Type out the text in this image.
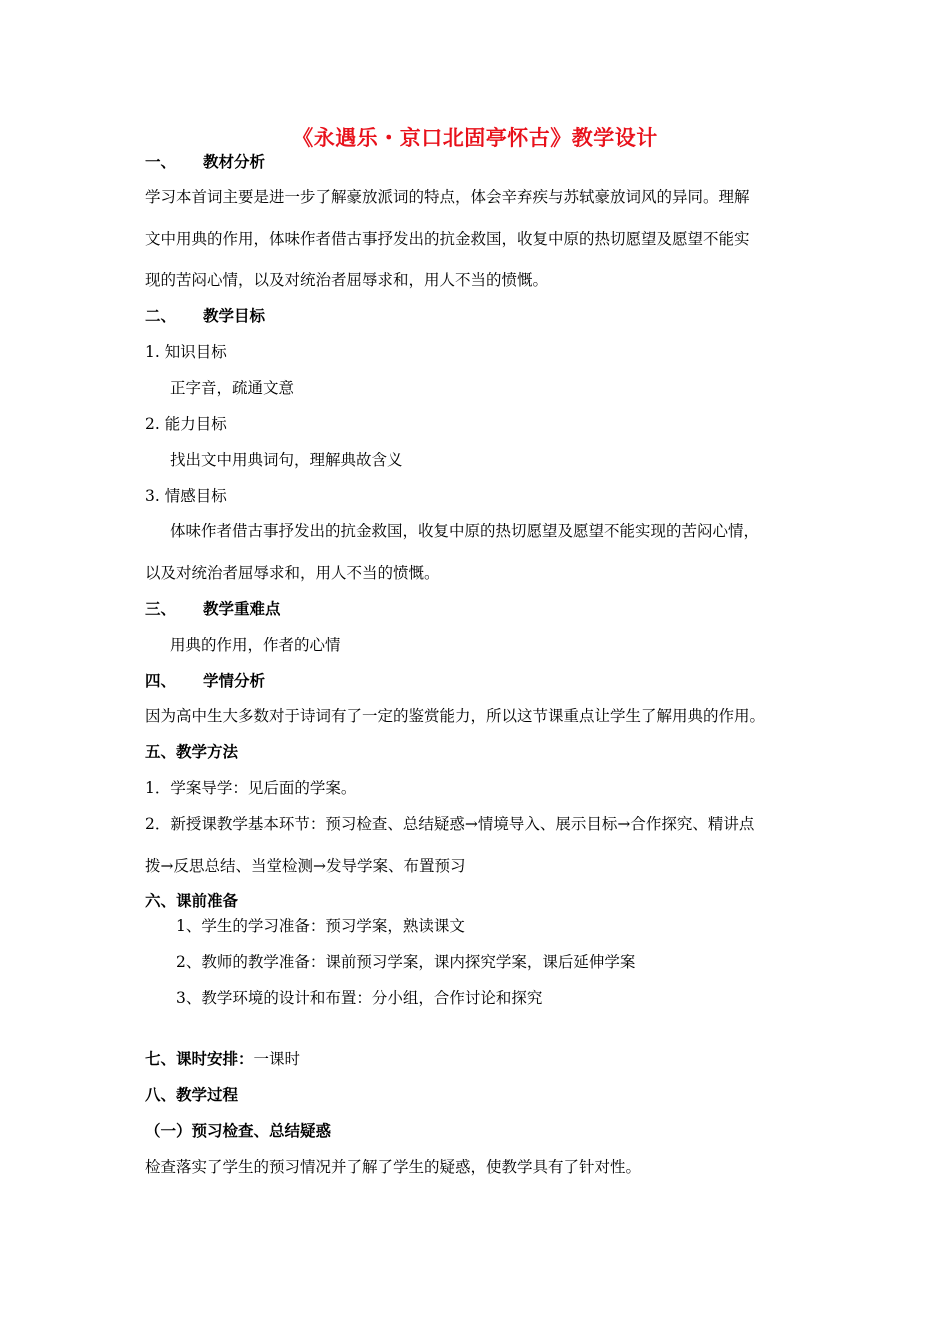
《永遇乐・京口北固亭怀古》教学设计
一、 教材分析
学习本首词主要是进一步了解豪放派词的特点，体会辛弃疾与苏轼豪放词风的异同。理解
文中用典的作用，体味作者借古事抒发出的抗金救国，收复中原的热切愿望及愿望不能实
现的苦闷心情，以及对统治者屈辱求和，用人不当的愤慨。
二、 教学目标
1. 知识目标
正字音，疏通文意
2. 能力目标
找出文中用典词句，理解典故含义
3. 情感目标
体味作者借古事抒发出的抗金救国，收复中原的热切愿望及愿望不能实现的苦闷心情，
以及对统治者屈辱求和，用人不当的愤慨。
三、 教学重难点
用典的作用，作者的心情
四、 学情分析
因为高中生大多数对于诗词有了一定的鉴赏能力，所以这节课重点让学生了解用典的作用。
五、教学方法
1．学案导学：见后面的学案。
2．新授课教学基本环节：预习检查、总结疑惑→情境导入、展示目标→合作探究、精讲点
拨→反思总结、当堂检测→发导学案、布置预习
六、课前准备
1、学生的学习准备：预习学案，熟读课文
2、教师的教学准备：课前预习学案，课内探究学案，课后延伸学案
3、教学环境的设计和布置：分小组，合作讨论和探究
七、课时安排：一课时
八、教学过程
（一）预习检查、总结疑惑
检查落实了学生的预习情况并了解了学生的疑惑，使教学具有了针对性。
